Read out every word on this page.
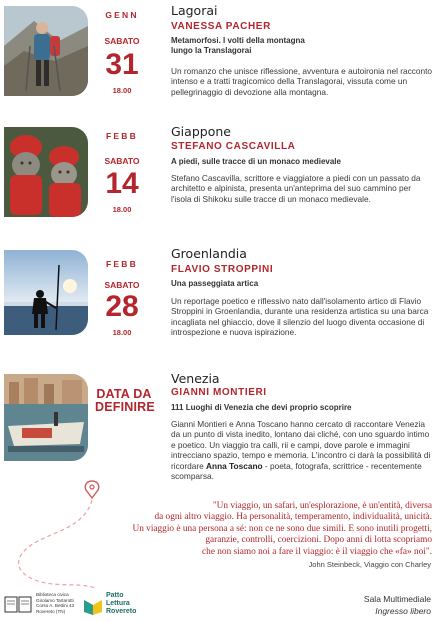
GENN
SABATO
31
18.00
Lagorai
VANESSA PACHER
Metamorfosi. I volti della montagna
lungo la Translagorai
Un romanzo che unisce riflessione, avventura e autoironia nel racconto intenso e a tratti tragicomico della Translagorai, vissuta come un pellegrinaggio di devozione alla montagna.
FEBB
SABATO
14
18.00
Giappone
STEFANO CASCAVILLA
A piedi, sulle tracce di un monaco medievale
Stefano Cascavilla, scrittore e viaggiatore a piedi con un passato da architetto e alpinista, presenta un'anteprima del suo cammino per l'isola di Shikoku sulle tracce di un monaco medievale.
FEBB
SABATO
28
18.00
Groenlandia
FLAVIO STROPPINI
Una passeggiata artica
Un reportage poetico e riflessivo nato dall'isolamento artico di Flavio Stroppini in Groenlandia, durante una residenza artistica su una barca incagliata nel ghiaccio, dove il silenzio del luogo diventa occasione di introspezione e nuova ispirazione.
DATA DA
DEFINIRE
Venezia
GIANNI MONTIERI
111 Luoghi di Venezia che devi proprio scoprire
Gianni Montieri e Anna Toscano hanno cercato di raccontare Venezia da un punto di vista inedito, lontano dai cliché, con uno sguardo intimo e poetico. Un viaggio tra calli, rii e campi, dove parole e immagini intrecciano spazio, tempo e memoria. L'incontro ci darà la possibilità di ricordare Anna Toscano - poeta, fotografa, scrittrice - recentemente scomparsa.
"Un viaggio, un safari, un'esplorazione, è un'entità, diversa
da ogni altro viaggio. Ha personalità, temperamento, individualità, unicità.
Un viaggio è una persona a sé: non ce ne sono due simili. E sono inutili progetti,
garanzie, controlli, coercizioni. Dopo anni di lotta scopriamo
che non siamo noi a fare il viaggio: è il viaggio che «fa» noi".
John Steinbeck, Viaggio con Charley
Biblioteca civica
Girolamo Tartarotti
Corso A. Bettini 43
Rovereto (TN)
Patto
Lettura
Rovereto
Sala Multimediale
Ingresso libero
